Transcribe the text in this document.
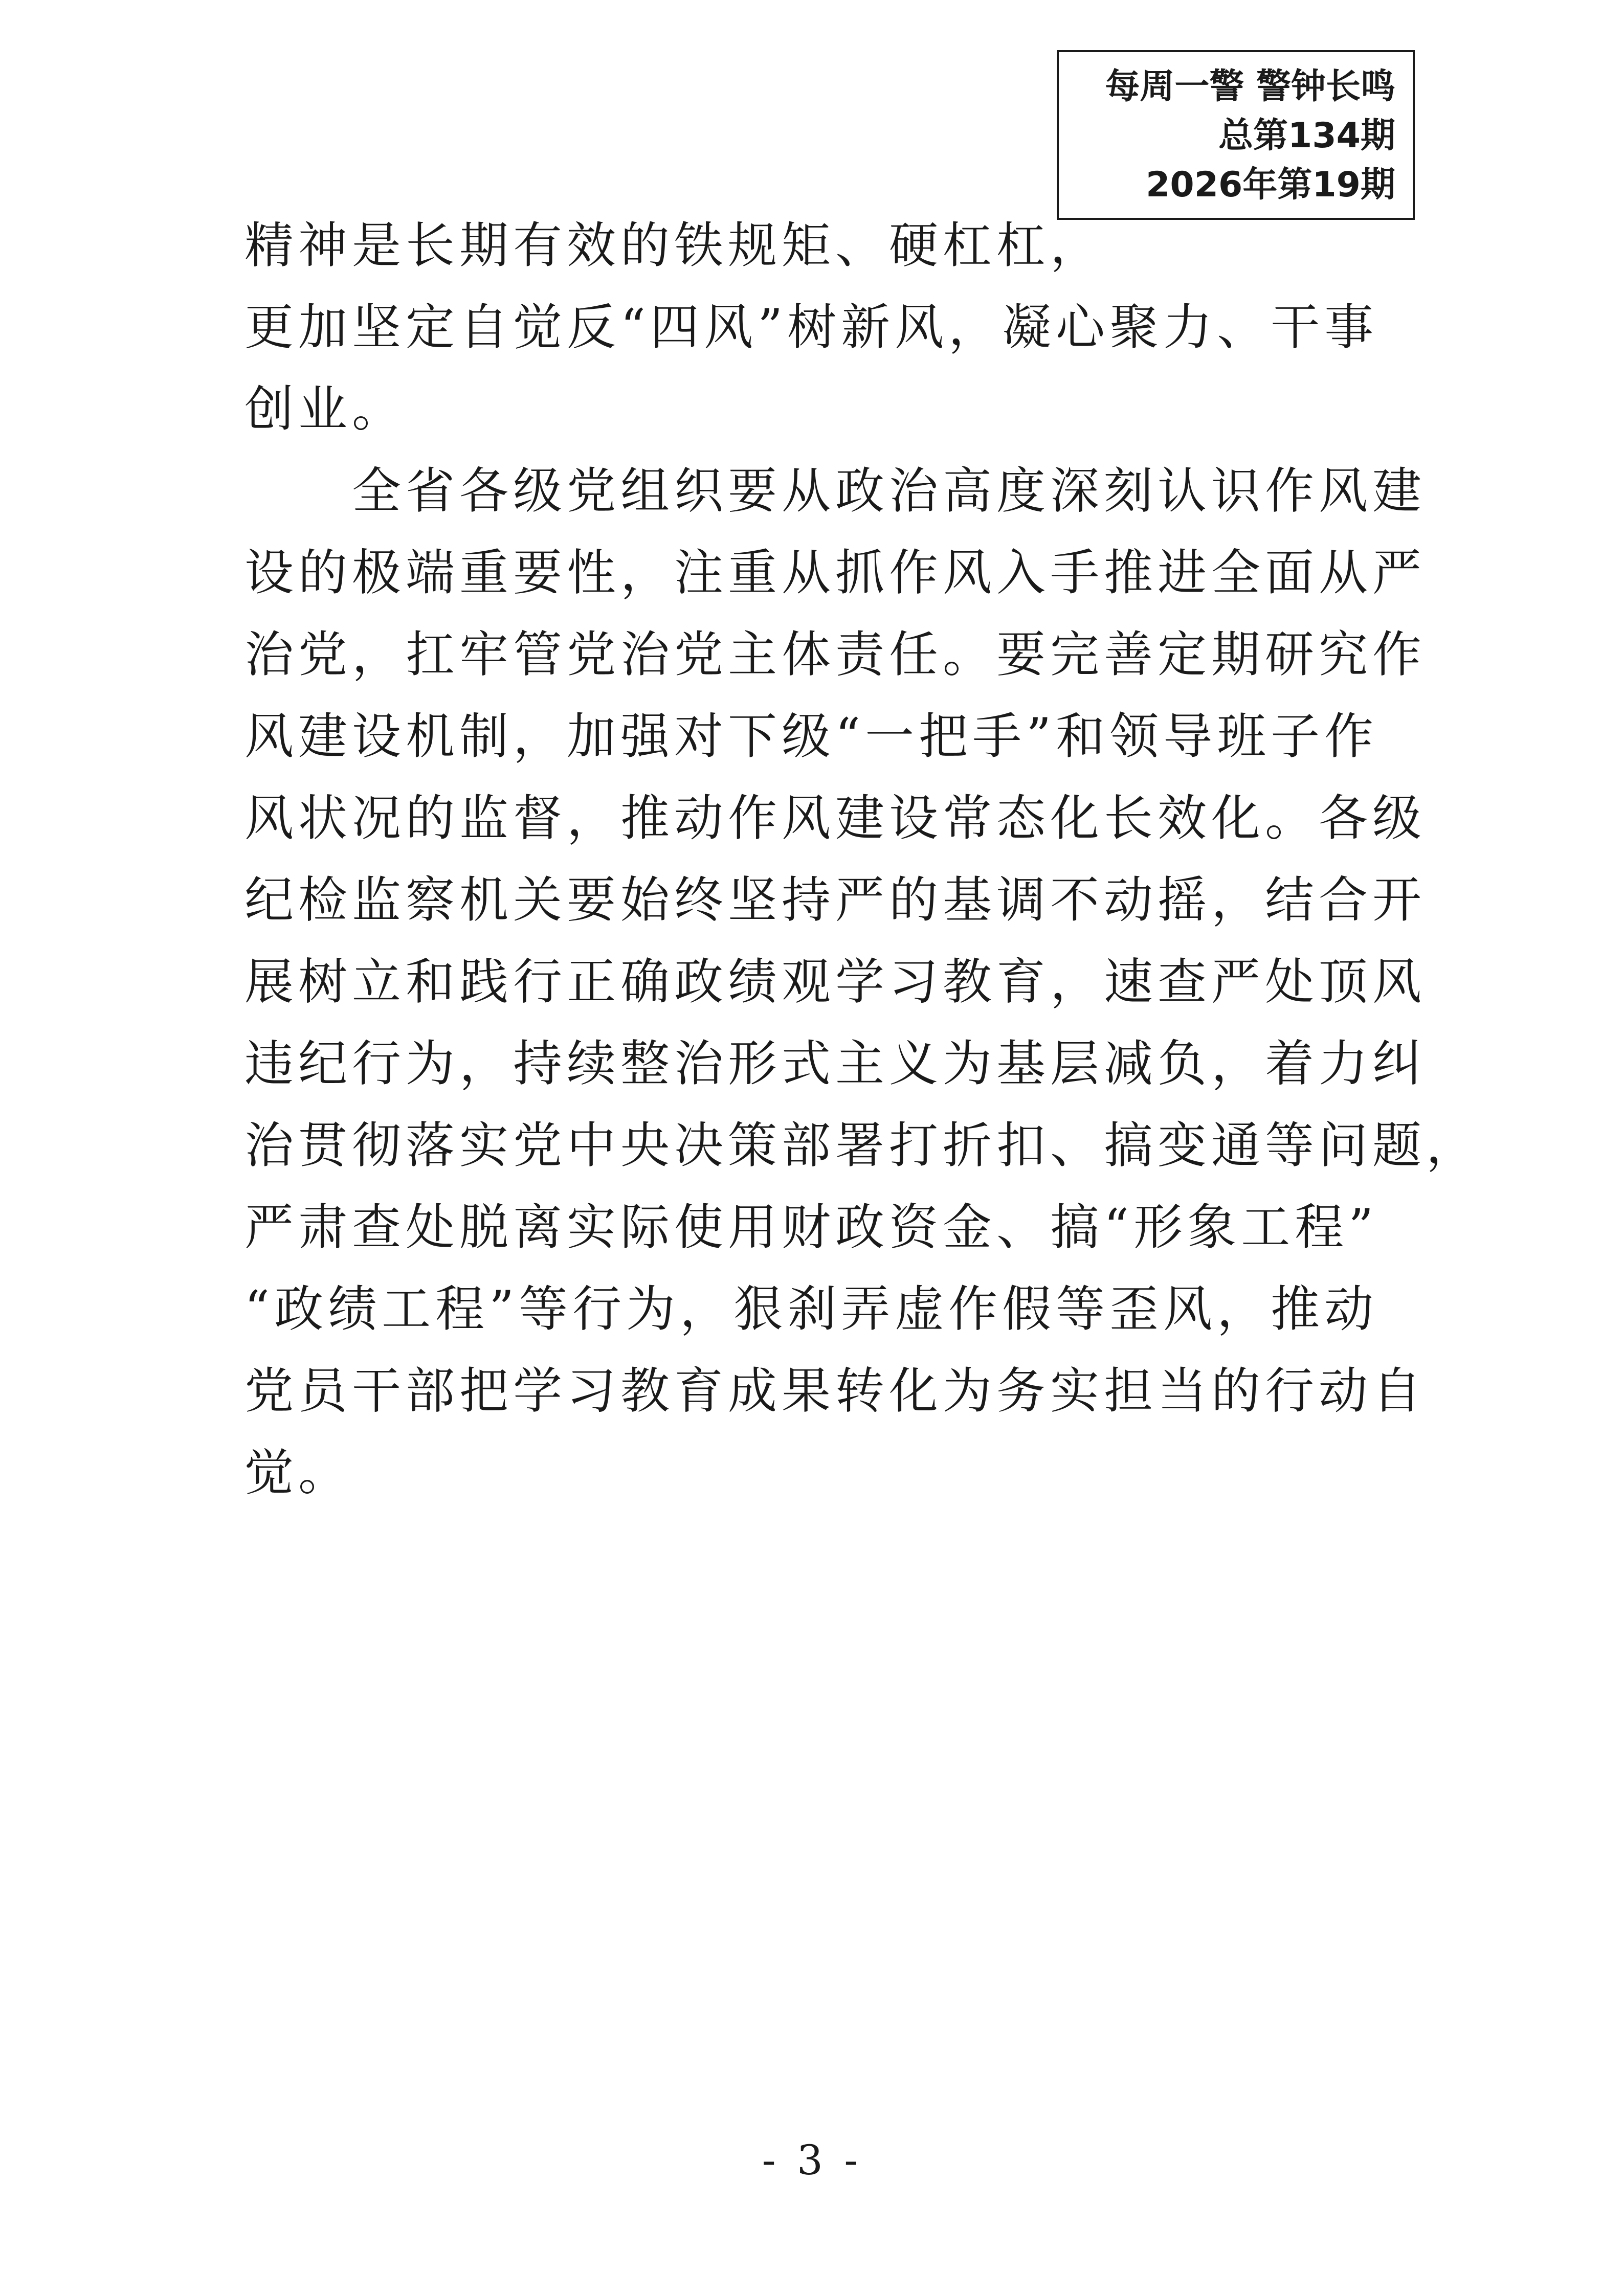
每周一警 警钟长鸣
总第134期
2026年第19期
精神是长期有效的铁规矩、硬杠杠，
更加坚定自觉反“四风”树新风，凝心聚力、干事
创业。
全省各级党组织要从政治高度深刻认识作风建
设的极端重要性，注重从抓作风入手推进全面从严
治党，扛牢管党治党主体责任。要完善定期研究作
风建设机制，加强对下级“一把手”和领导班子作
风状况的监督，推动作风建设常态化长效化。各级
纪检监察机关要始终坚持严的基调不动摇，结合开
展树立和践行正确政绩观学习教育，速查严处顶风
违纪行为，持续整治形式主义为基层减负，着力纠
治贯彻落实党中央决策部署打折扣、搞变通等问题，
严肃查处脱离实际使用财政资金、搞“形象工程”
“政绩工程”等行为，狠刹弄虚作假等歪风，推动
党员干部把学习教育成果转化为务实担当的行动自
觉。
- 3 -
